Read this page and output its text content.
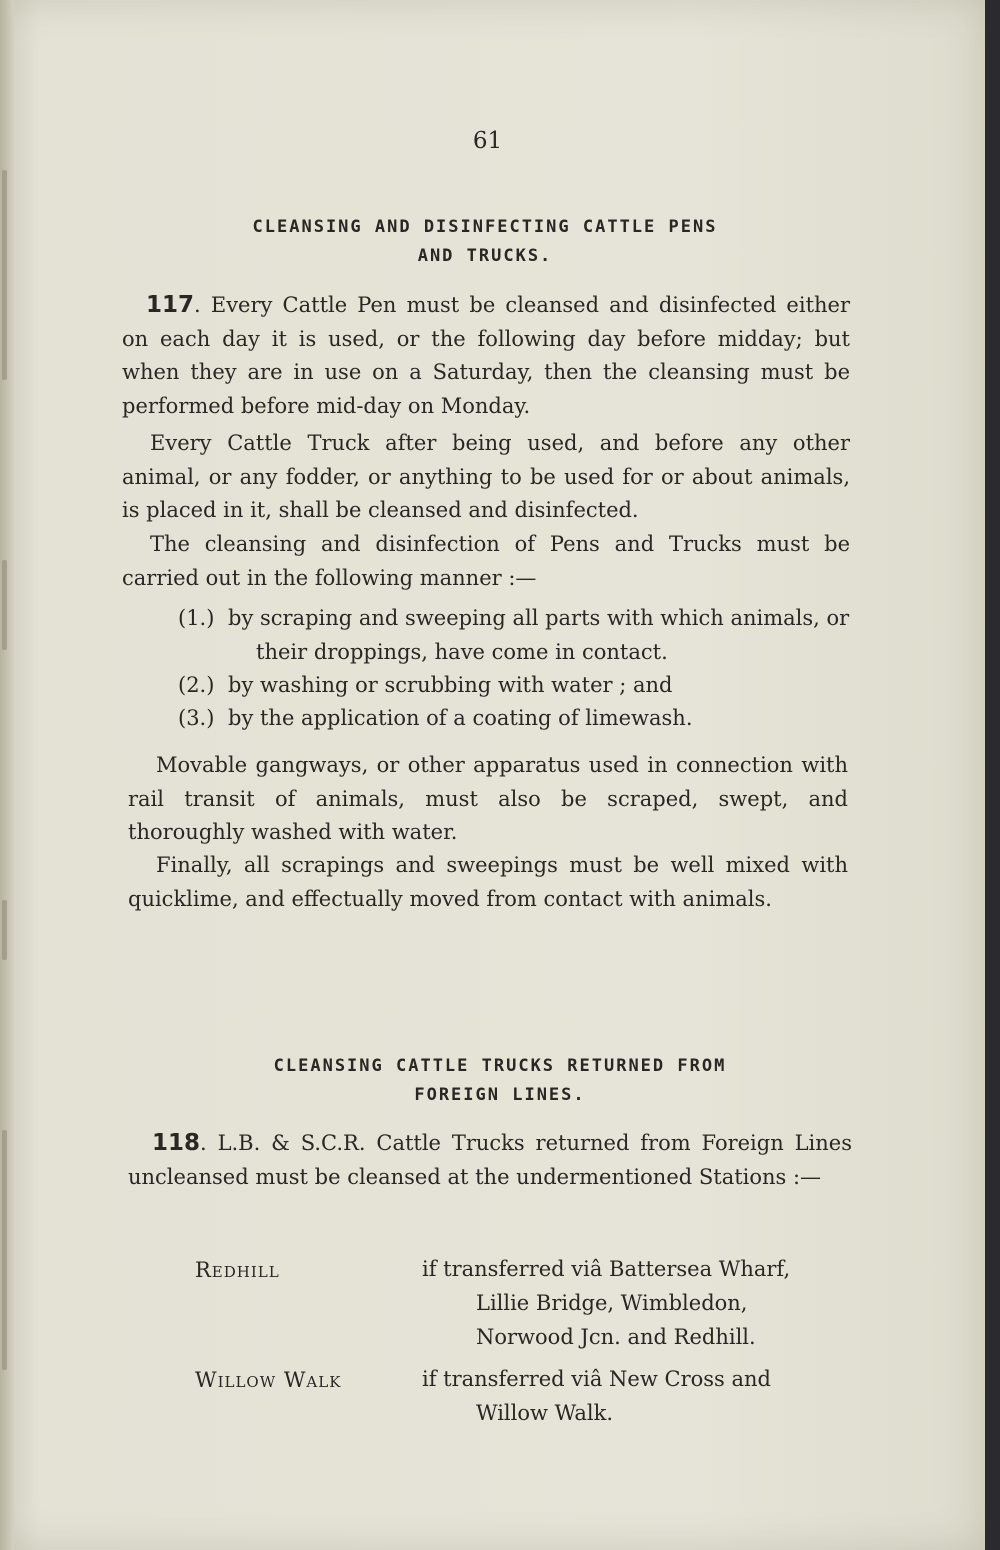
61
CLEANSING AND DISINFECTING CATTLE PENS
AND TRUCKS.
117. Every Cattle Pen must be cleansed and disinfected either on each day it is used, or the following day before midday; but when they are in use on a Saturday, then the cleansing must be performed before mid-day on Monday.
Every Cattle Truck after being used, and before any other animal, or any fodder, or anything to be used for or about animals, is placed in it, shall be cleansed and disinfected.
The cleansing and disinfection of Pens and Trucks must be carried out in the following manner :—
(1.) by scraping and sweeping all parts with which animals, or their droppings, have come in contact.
(2.) by washing or scrubbing with water ; and
(3.) by the application of a coating of limewash.
Movable gangways, or other apparatus used in connection with rail transit of animals, must also be scraped, swept, and thoroughly washed with water.
Finally, all scrapings and sweepings must be well mixed with quicklime, and effectually moved from contact with animals.
CLEANSING CATTLE TRUCKS RETURNED FROM
FOREIGN LINES.
118. L.B. & S.C.R. Cattle Trucks returned from Foreign Lines uncleansed must be cleansed at the undermentioned Stations :—
Redhill	if transferred viâ Battersea Wharf,
Lillie Bridge, Wimbledon,
Norwood Jcn. and Redhill.
Willow Walk	if transferred viâ New Cross and
Willow Walk.
